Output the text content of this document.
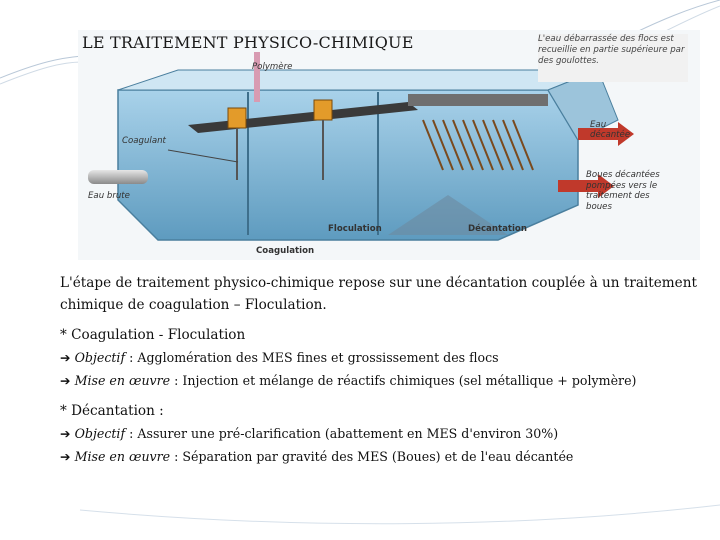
Polymère
Coagulant
Eau brute
Eau décantée
Coagulation
Floculation	Décantation
Boues décantées pompées vers le traitement des boues
L'eau débarrassée des flocs est recueillie en partie supérieure par des goulottes.
LE TRAITEMENT PHYSICO-CHIMIQUE

L'étape de traitement physico-chimique repose sur une décantation couplée à un traitement chimique de coagulation – Floculation.

* Coagulation - Floculation

➔ Objectif : Agglomération des MES fines et grossissement des flocs

➔ Mise en œuvre : Injection et mélange de réactifs chimiques (sel métallique + polymère)

* Décantation :

➔ Objectif : Assurer une pré-clarification (abattement en MES d'environ 30%)

➔ Mise en œuvre : Séparation par gravité des MES (Boues) et de l'eau décantée
